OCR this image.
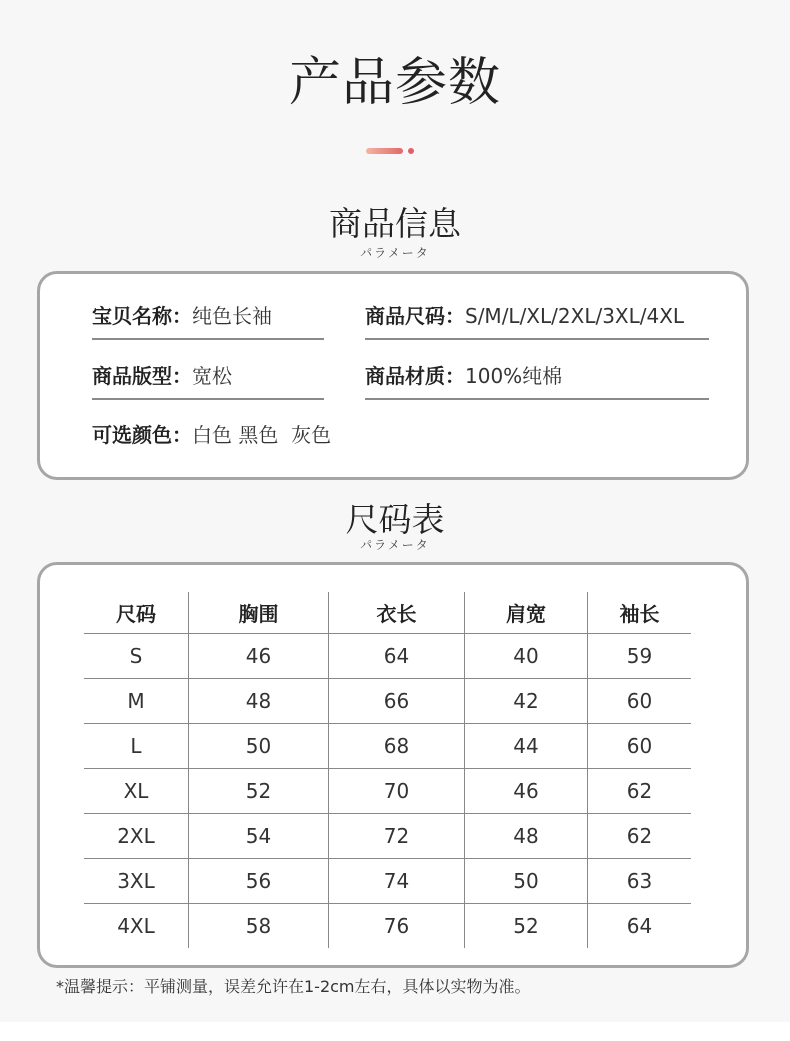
产品参数
商品信息
パラメータ
宝贝名称：纯色长袖	商品尺码：S/M/L/XL/2XL/3XL/4XL
商品版型：宽松	商品材质：100%纯棉
可选颜色：白色 黑色  灰色
尺码表
パラメータ
尺码	胸围	衣长	肩宽	袖长
S	46	64	40	59
M	48	66	42	60
L	50	68	44	60
XL	52	70	46	62
2XL	54	72	48	62
3XL	56	74	50	63
4XL	58	76	52	64
*温馨提示：平铺测量，误差允许在1-2cm左右，具体以实物为准。
